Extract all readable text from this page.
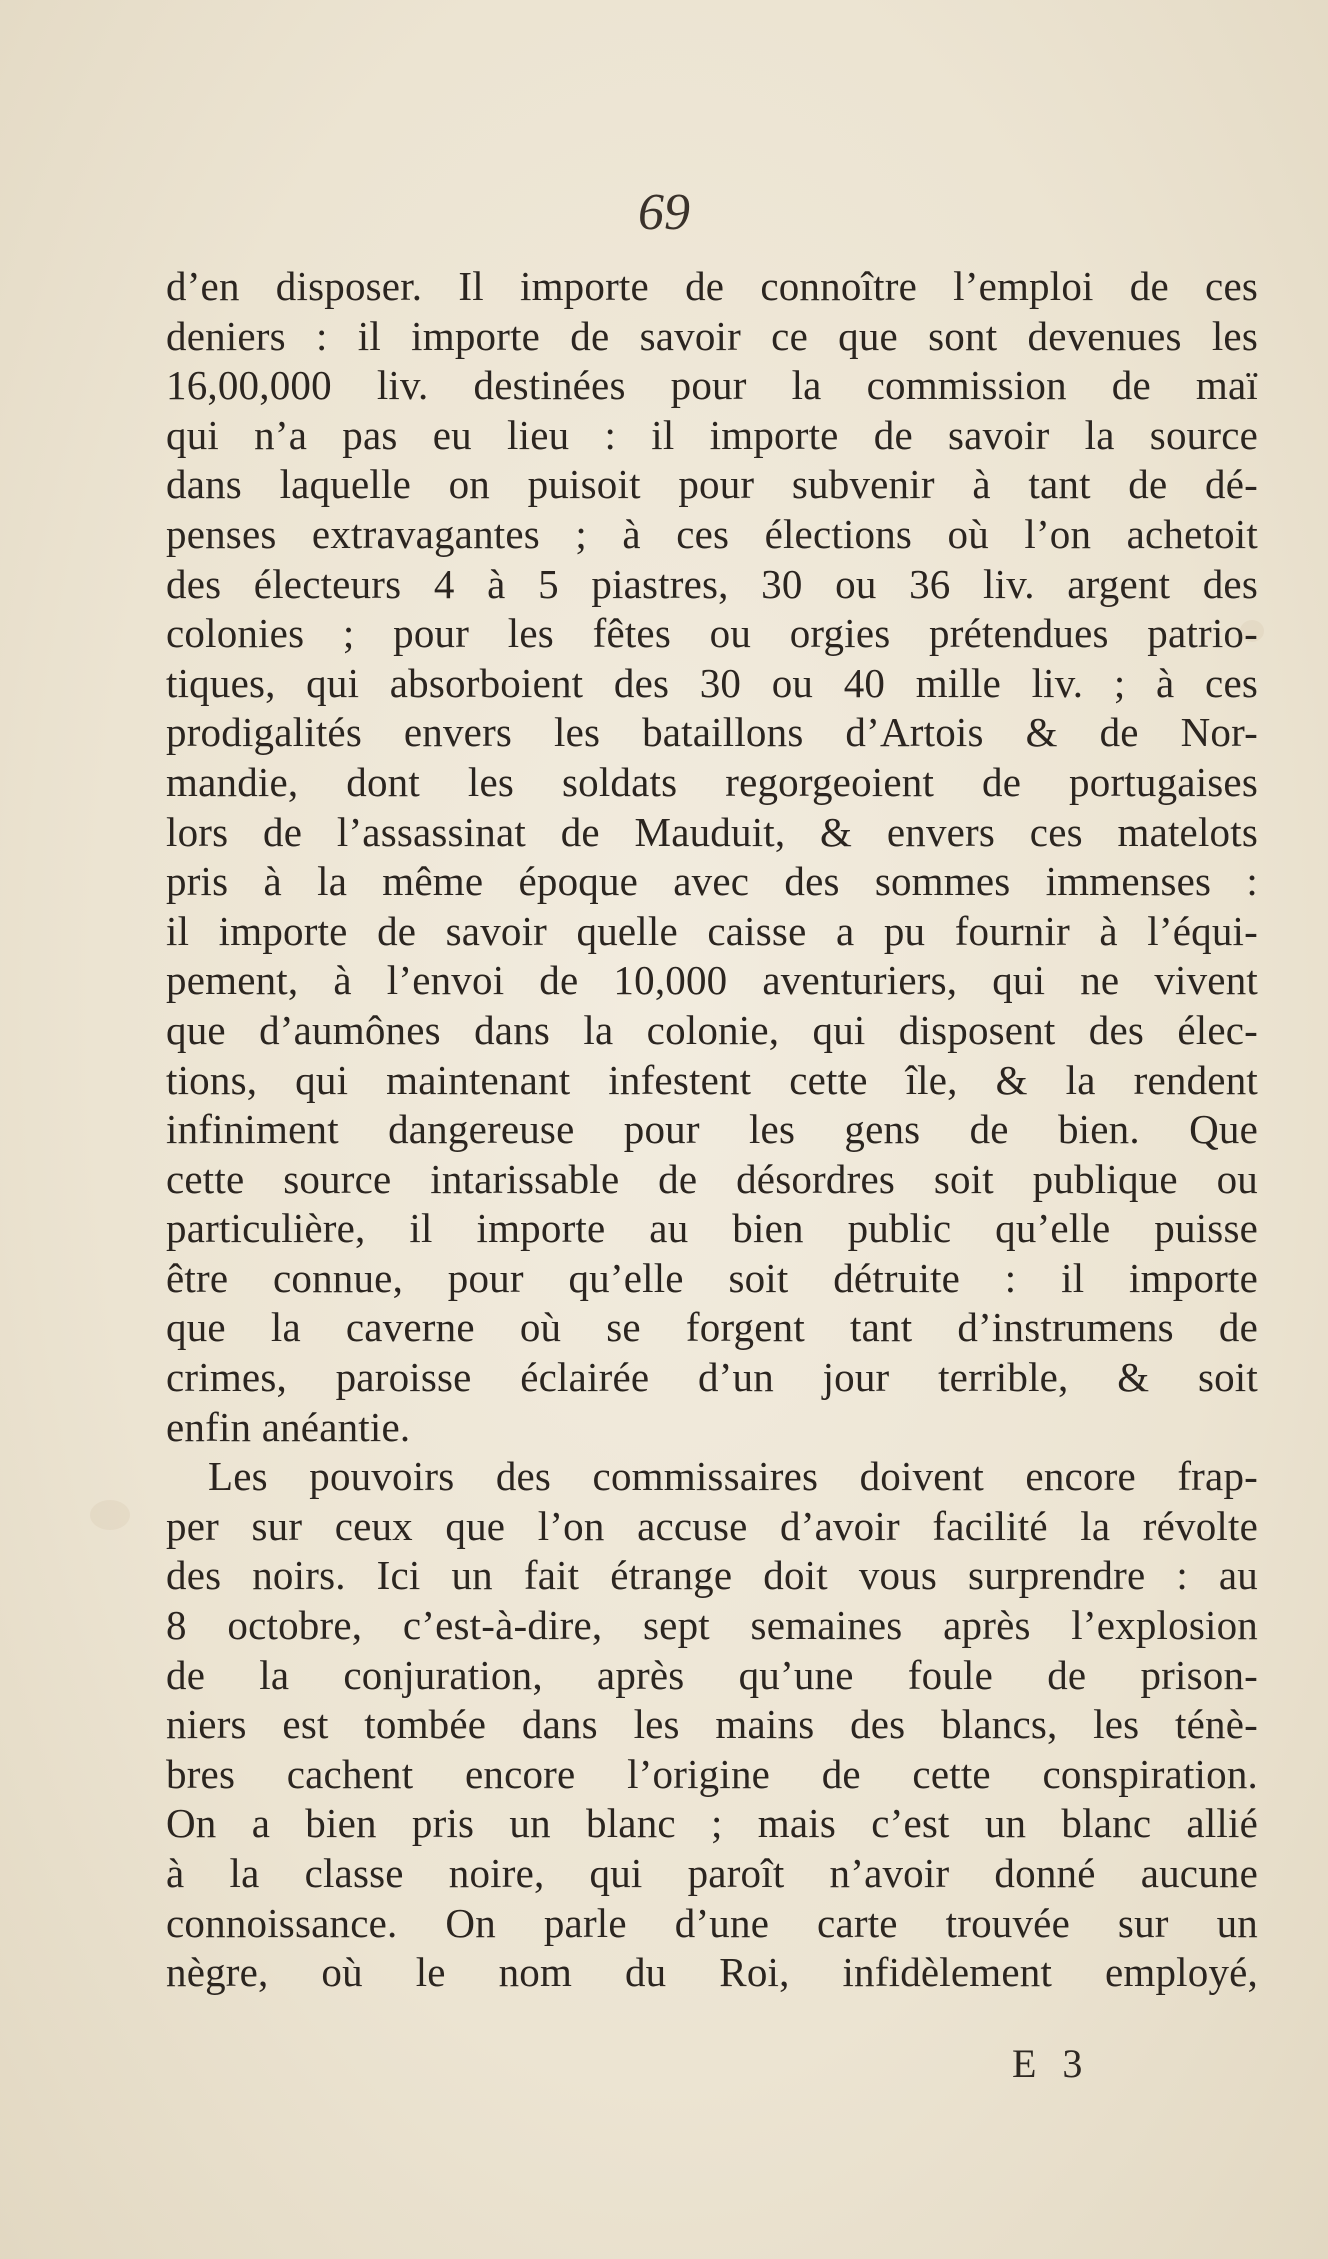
69
d’en disposer. Il importe de connoître l’emploi de ces
deniers : il importe de savoir ce que sont devenues les
16,00,000 liv. destinées pour la commission de maï
qui n’a pas eu lieu : il importe de savoir la source
dans laquelle on puisoit pour subvenir à tant de dé-
penses extravagantes ; à ces élections où l’on achetoit
des électeurs 4 à 5 piastres, 30 ou 36 liv. argent des
colonies ; pour les fêtes ou orgies prétendues patrio-
tiques, qui absorboient des 30 ou 40 mille liv. ; à ces
prodigalités envers les bataillons d’Artois & de Nor-
mandie, dont les soldats regorgeoient de portugaises
lors de l’assassinat de Mauduit, & envers ces matelots
pris à la même époque avec des sommes immenses :
il importe de savoir quelle caisse a pu fournir à l’équi-
pement, à l’envoi de 10,000 aventuriers, qui ne vivent
que d’aumônes dans la colonie, qui disposent des élec-
tions, qui maintenant infestent cette île, & la rendent
infiniment dangereuse pour les gens de bien. Que
cette source intarissable de désordres soit publique ou
particulière, il importe au bien public qu’elle puisse
être connue, pour qu’elle soit détruite : il importe
que la caverne où se forgent tant d’instrumens de
crimes, paroisse éclairée d’un jour terrible, & soit
enfin anéantie.
Les pouvoirs des commissaires doivent encore frap-
per sur ceux que l’on accuse d’avoir facilité la révolte
des noirs. Ici un fait étrange doit vous surprendre : au
8 octobre, c’est-à-dire, sept semaines après l’explosion
de la conjuration, après qu’une foule de prison-
niers est tombée dans les mains des blancs, les ténè-
bres cachent encore l’origine de cette conspiration.
On a bien pris un blanc ; mais c’est un blanc allié
à la classe noire, qui paroît n’avoir donné aucune
connoissance. On parle d’une carte trouvée sur un
nègre, où le nom du Roi, infidèlement employé,
E 3
